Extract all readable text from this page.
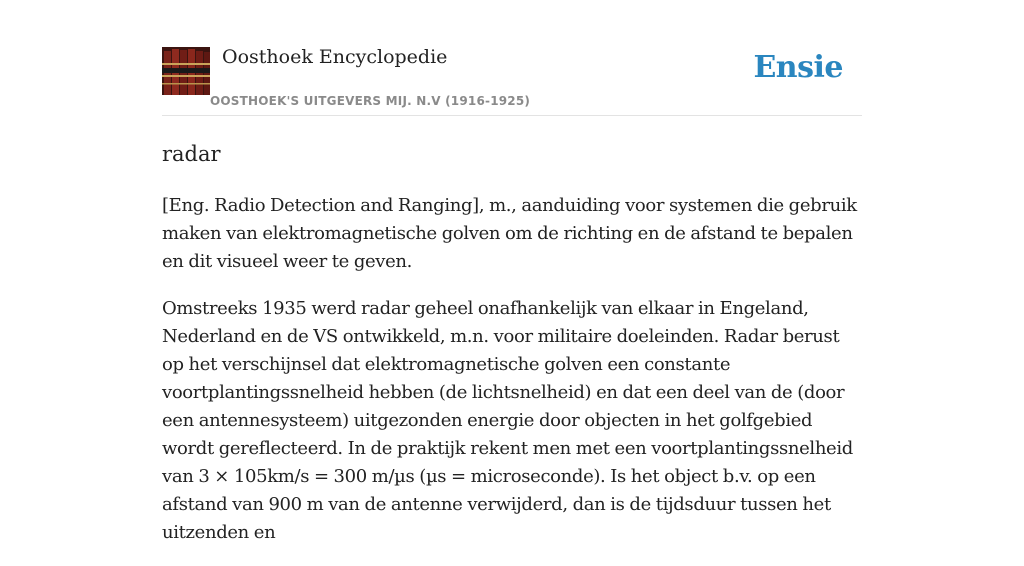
Oosthoek Encyclopedie
OOSTHOEK'S UITGEVERS MIJ. N.V (1916-1925)
Ensie
radar

[Eng. Radio Detection and Ranging], m., aanduiding voor systemen die gebruik maken van elektromagnetische golven om de richting en de afstand te bepalen en dit visueel weer te geven.

Omstreeks 1935 werd radar geheel onafhankelijk van elkaar in Engeland, Nederland en de VS ontwikkeld, m.n. voor militaire doeleinden. Radar berust op het verschijnsel dat elektromagnetische golven een constante voortplantingssnelheid hebben (de lichtsnelheid) en dat een deel van de (door een antennesysteem) uitgezonden energie door objecten in het golfgebied wordt gereflecteerd. In de praktijk rekent men met een voortplantingssnelheid van 3 × 105km/s = 300 m/µs (µs = microseconde). Is het object b.v. op een afstand van 900 m van de antenne verwijderd, dan is de tijdsduur tussen het uitzenden en
